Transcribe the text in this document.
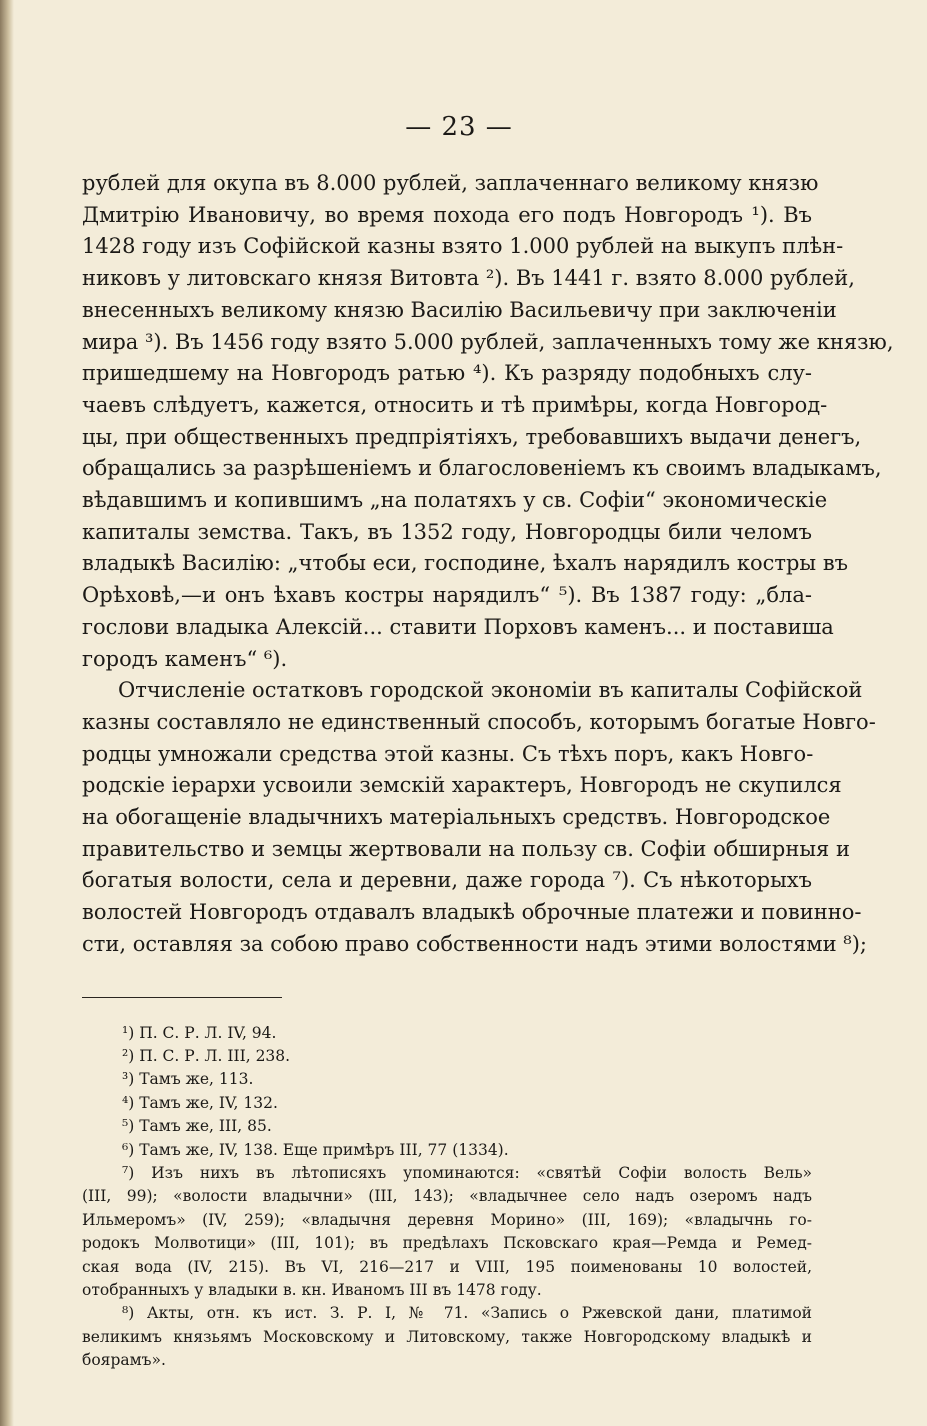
— 23 —
рублей для окупа въ 8.000 рублей, заплаченнаго великому князю
Дмитрію Ивановичу, во время похода его подъ Новгородъ ¹). Въ
1428 году изъ Софійской казны взято 1.000 рублей на выкупъ плѣн-
никовъ у литовскаго князя Витовта ²). Въ 1441 г. взято 8.000 рублей,
внесенныхъ великому князю Василію Васильевичу при заключеніи
мира ³). Въ 1456 году взято 5.000 рублей, заплаченныхъ тому же князю,
пришедшему на Новгородъ ратью ⁴). Къ разряду подобныхъ слу-
чаевъ слѣдуетъ, кажется, относить и тѣ примѣры, когда Новгород-
цы, при общественныхъ предпріятіяхъ, требовавшихъ выдачи денегъ,
обращались за разрѣшеніемъ и благословеніемъ къ своимъ владыкамъ,
вѣдавшимъ и копившимъ „на полатяхъ у св. Софіи“ экономическіе
капиталы земства. Такъ, въ 1352 году, Новгородцы били челомъ
владыкѣ Василію: „чтобы еси, господине, ѣхалъ нарядилъ костры въ
Орѣховѣ,—и онъ ѣхавъ костры нарядилъ“ ⁵). Въ 1387 году: „бла-
гослови владыка Алексій... ставити Порховъ каменъ... и поставиша
городъ каменъ“ ⁶).
Отчисленіе остатковъ городской экономіи въ капиталы Софійской
казны составляло не единственный способъ, которымъ богатые Новго-
родцы умножали средства этой казны. Съ тѣхъ поръ, какъ Новго-
родскіе іерархи усвоили земскій характеръ, Новгородъ не скупился
на обогащеніе владычнихъ матеріальныхъ средствъ. Новгородское
правительство и земцы жертвовали на пользу св. Софіи обширныя и
богатыя волости, села и деревни, даже города ⁷). Съ нѣкоторыхъ
волостей Новгородъ отдавалъ владыкѣ оброчные платежи и повинно-
сти, оставляя за собою право собственности надъ этими волостями ⁸);
¹) П. С. Р. Л. IV, 94.
²) П. С. Р. Л. III, 238.
³) Тамъ же, 113.
⁴) Тамъ же, IV, 132.
⁵) Тамъ же, III, 85.
⁶) Тамъ же, IV, 138. Еще примѣръ III, 77 (1334).
⁷) Изъ нихъ въ лѣтописяхъ упоминаются: «святѣй Софіи волость Вель»
(III, 99); «волости владычни» (III, 143); «владычнее село надъ озеромъ надъ
Ильмеромъ» (IV, 259); «владычня деревня Морино» (III, 169); «владычнь го-
родокъ Молвотици» (III, 101); въ предѣлахъ Псковскаго края—Ремда и Ремед-
ская вода (IV, 215). Въ VI, 216—217 и VIII, 195 поименованы 10 волостей,
отобранныхъ у владыки в. кн. Иваномъ III въ 1478 году.
⁸) Акты, отн. къ ист. З. Р. I, № 71. «Запись о Ржевской дани, платимой
великимъ князьямъ Московскому и Литовскому, также Новгородскому владыкѣ и
боярамъ».
